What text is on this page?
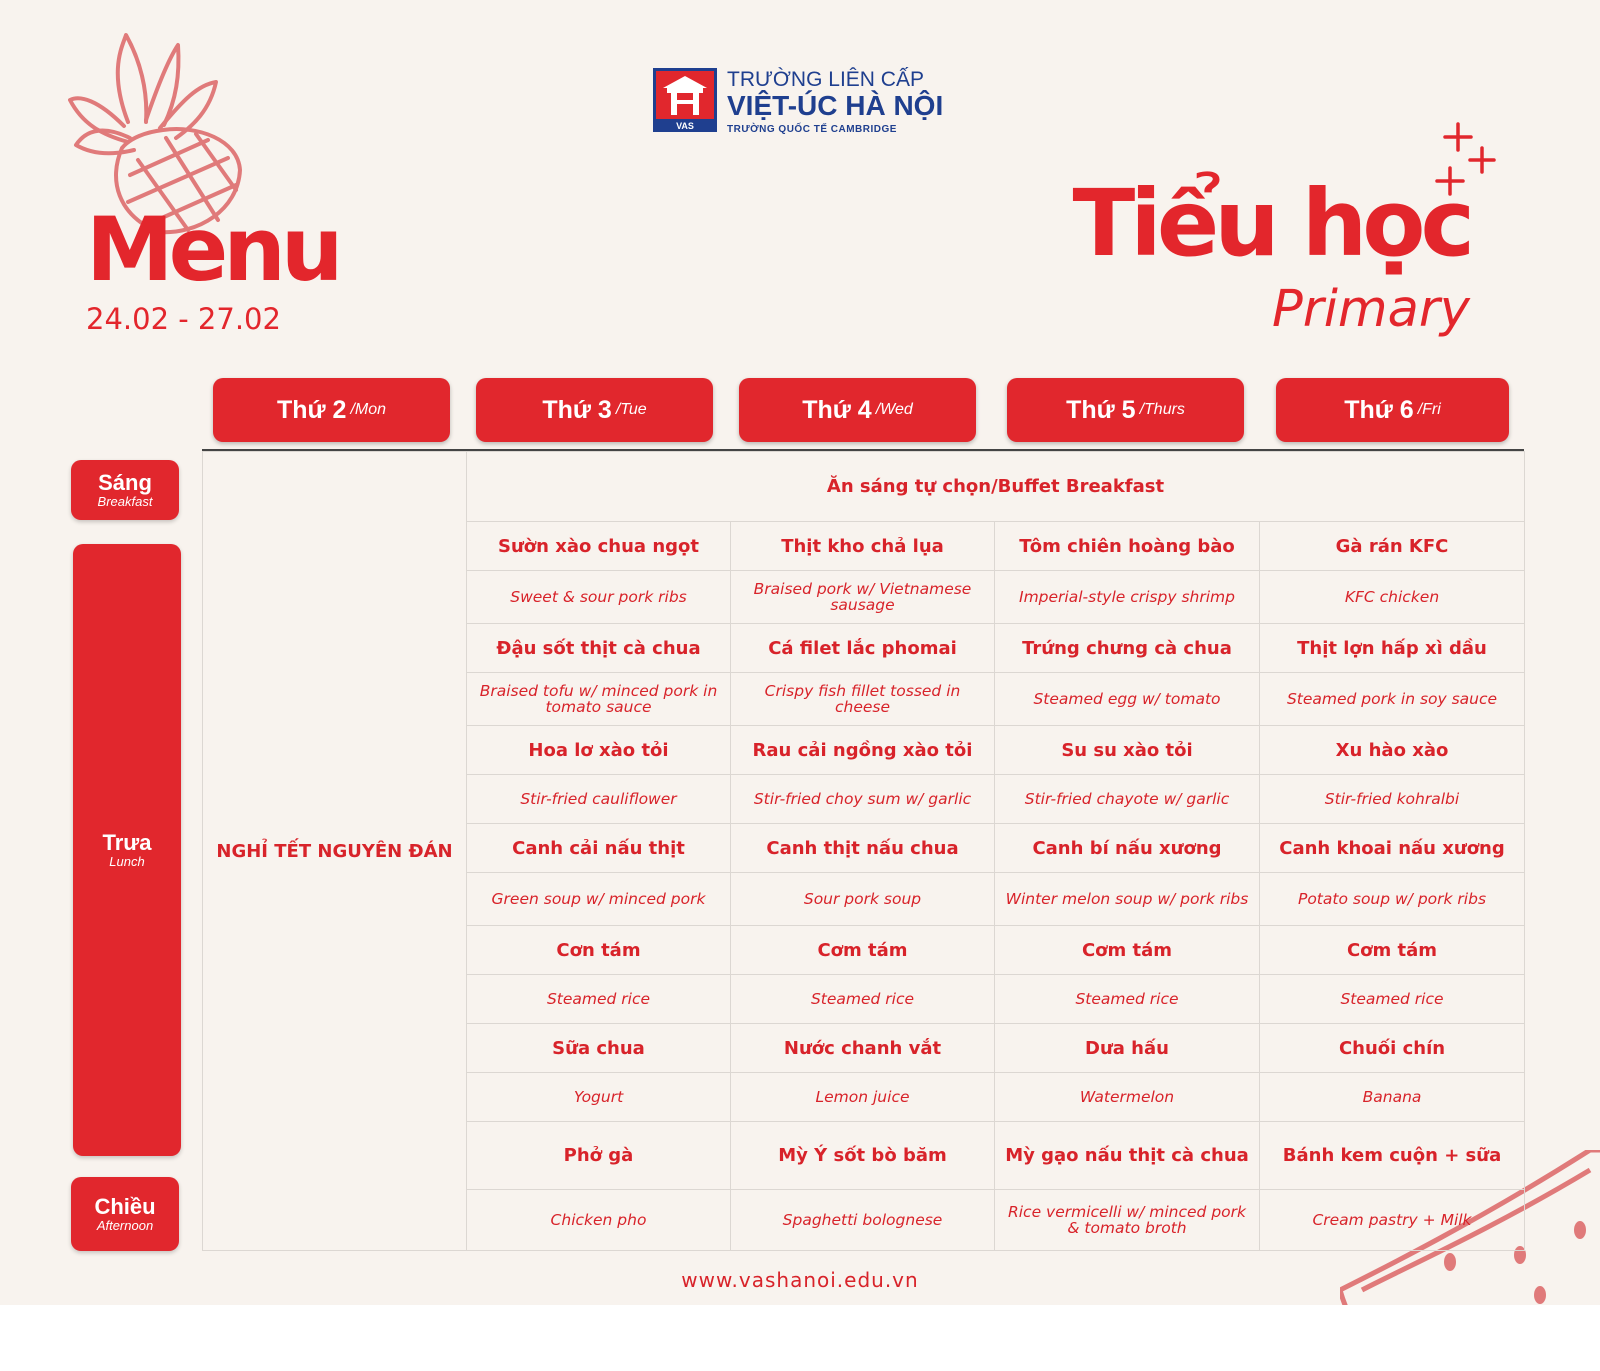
VAS
TRƯỜNG LIÊN CẤP
VIỆT-ÚC HÀ NỘI
TRƯỜNG QUỐC TẾ CAMBRIDGE
Menu
24.02 - 27.02
Tiểu học
Primary
Thứ 2 /Mon	Thứ 3 /Tue	Thứ 4 /Wed	Thứ 5 /Thurs	Thứ 6 /Fri
Sáng
Breakfast
Trưa
Lunch
Chiều
Afternoon
NGHỈ TẾT NGUYÊN ĐÁN	Ăn sáng tự chọn/Buffet Breakfast			
	Sườn xào chua ngọt	Thịt kho chả lụa	Tôm chiên hoàng bào	Gà rán KFC
	Sweet & sour pork ribs	Braised pork w/ Vietnamese sausage	Imperial-style crispy shrimp	KFC chicken
	Đậu sốt thịt cà chua	Cá filet lắc phomai	Trứng chưng cà chua	Thịt lợn hấp xì dầu
	Braised tofu w/ minced pork in tomato sauce	Crispy fish fillet tossed in cheese	Steamed egg w/ tomato	Steamed pork in soy sauce
	Hoa lơ xào tỏi	Rau cải ngồng xào tỏi	Su su xào tỏi	Xu hào xào
	Stir-fried cauliflower	Stir-fried choy sum w/ garlic	Stir-fried chayote w/ garlic	Stir-fried kohralbi
	Canh cải nấu thịt	Canh thịt nấu chua	Canh bí nấu xương	Canh khoai nấu xương
	Green soup w/ minced pork	Sour pork soup	Winter melon soup w/ pork ribs	Potato soup w/ pork ribs
	Cơn tám	Cơm tám	Cơm tám	Cơm tám
	Steamed rice	Steamed rice	Steamed rice	Steamed rice
	Sữa chua	Nước chanh vắt	Dưa hấu	Chuối chín
	Yogurt	Lemon juice	Watermelon	Banana
	Phở gà	Mỳ Ý sốt bò băm	Mỳ gạo nấu thịt cà chua	Bánh kem cuộn + sữa
	Chicken pho	Spaghetti bolognese	Rice vermicelli w/ minced pork & tomato broth	Cream pastry + Milk
www.vashanoi.edu.vn
